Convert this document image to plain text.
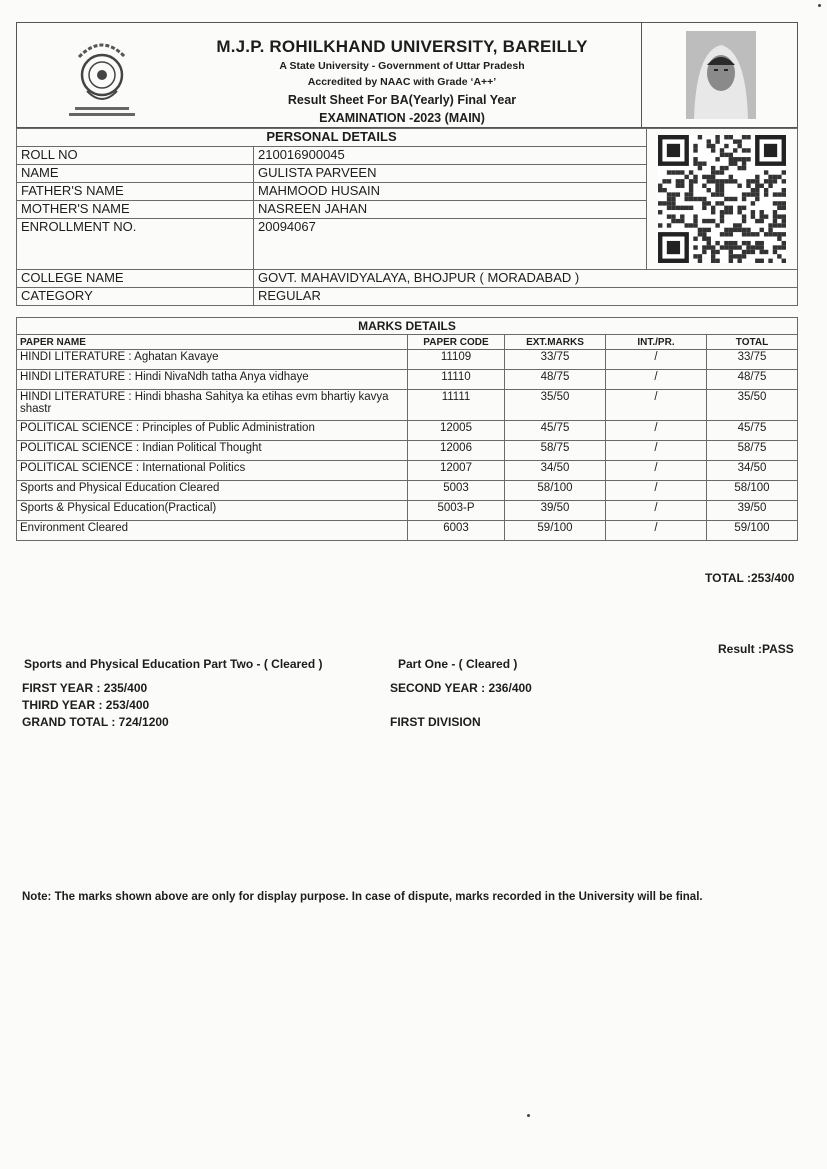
M.J.P. ROHILKHAND UNIVERSITY, BAREILLY
A State University - Government of Uttar Pradesh
Accredited by NAAC with Grade ‘A++’
Result Sheet For BA(Yearly) Final Year
EXAMINATION -2023 (MAIN)
PERSONAL DETAILS	

ROLL NO	210016900045	
NAME	GULISTA PARVEEN	
FATHER'S NAME	MAHMOOD HUSAIN	
MOTHER'S NAME	NASREEN JAHAN	
ENROLLMENT NO.	20094067	
COLLEGE NAME	GOVT. MAHAVIDYALAYA, BHOJPUR ( MORADABAD )	
CATEGORY	REGULAR	
MARKS DETAILS				
PAPER NAME	PAPER CODE	EXT.MARKS	INT./PR.	TOTAL
HINDI LITERATURE : Aghatan Kavaye	11109	33/75	/	33/75
HINDI LITERATURE : Hindi NivaNdh tatha Anya vidhaye	11110	48/75	/	48/75
HINDI LITERATURE : Hindi bhasha Sahitya ka etihas evm bhartiy kavya shastr	11111	35/50	/	35/50
POLITICAL SCIENCE : Principles of Public Administration	12005	45/75	/	45/75
POLITICAL SCIENCE : Indian Political Thought	12006	58/75	/	58/75
POLITICAL SCIENCE : International Politics	12007	34/50	/	34/50
Sports and Physical Education Cleared	5003	58/100	/	58/100
Sports & Physical Education(Practical)	5003-P	39/50	/	39/50
Environment Cleared	6003	59/100	/	59/100
TOTAL :253/400
Result :PASS
Sports and Physical Education Part Two - ( Cleared )	Part One - ( Cleared )
FIRST YEAR : 235/400	SECOND YEAR : 236/400
THIRD YEAR : 253/400
GRAND TOTAL : 724/1200	FIRST DIVISION
Note: The marks shown above are only for display purpose. In case of dispute, marks recorded in the University will be final.
